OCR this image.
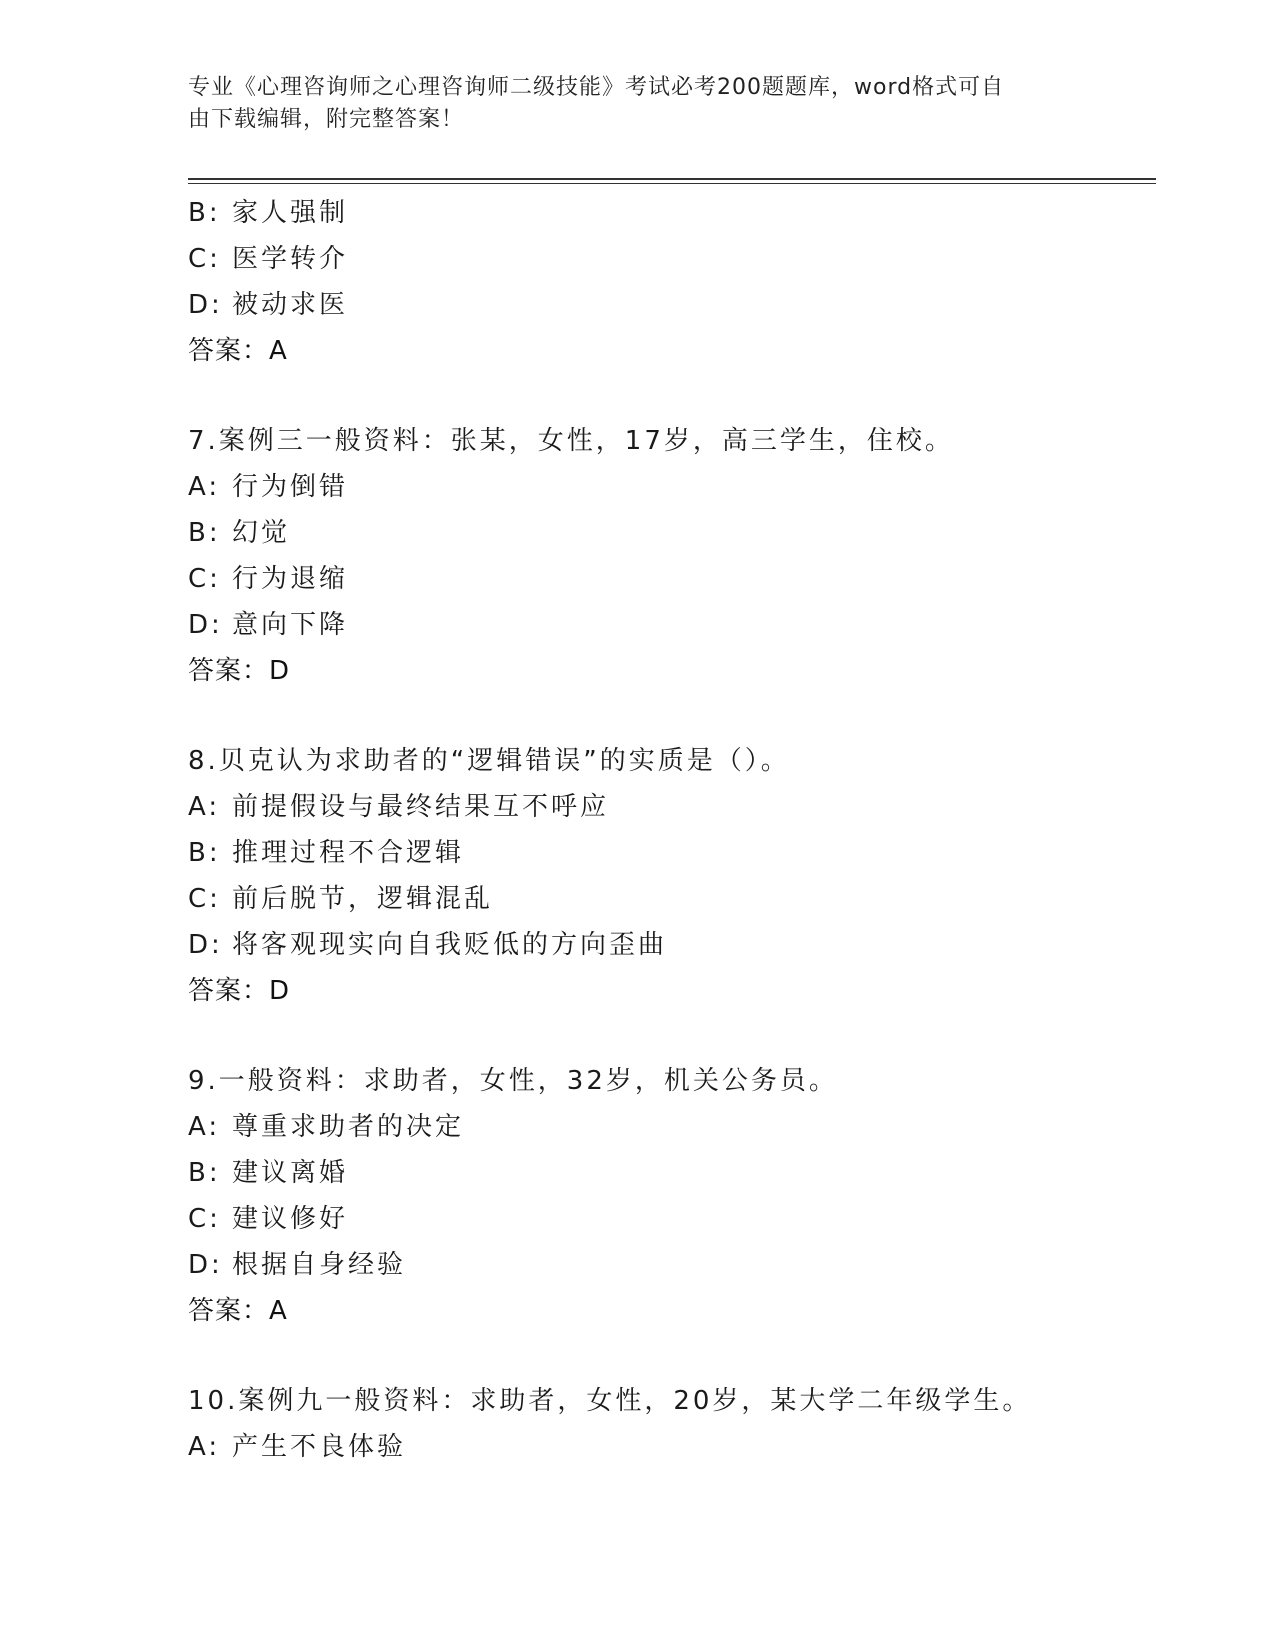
专业《心理咨询师之心理咨询师二级技能》考试必考200题题库，word格式可自
由下载编辑，附完整答案！
B: 家人强制
C: 医学转介
D: 被动求医
答案：A
7.案例三一般资料：张某，女性，17岁，高三学生，住校。
A: 行为倒错
B: 幻觉
C: 行为退缩
D: 意向下降
答案：D
8.贝克认为求助者的“逻辑错误”的实质是（）。
A: 前提假设与最终结果互不呼应
B: 推理过程不合逻辑
C: 前后脱节，逻辑混乱
D: 将客观现实向自我贬低的方向歪曲
答案：D
9.一般资料：求助者，女性，32岁，机关公务员。
A: 尊重求助者的决定
B: 建议离婚
C: 建议修好
D: 根据自身经验
答案：A
10.案例九一般资料：求助者，女性，20岁，某大学二年级学生。
A: 产生不良体验
